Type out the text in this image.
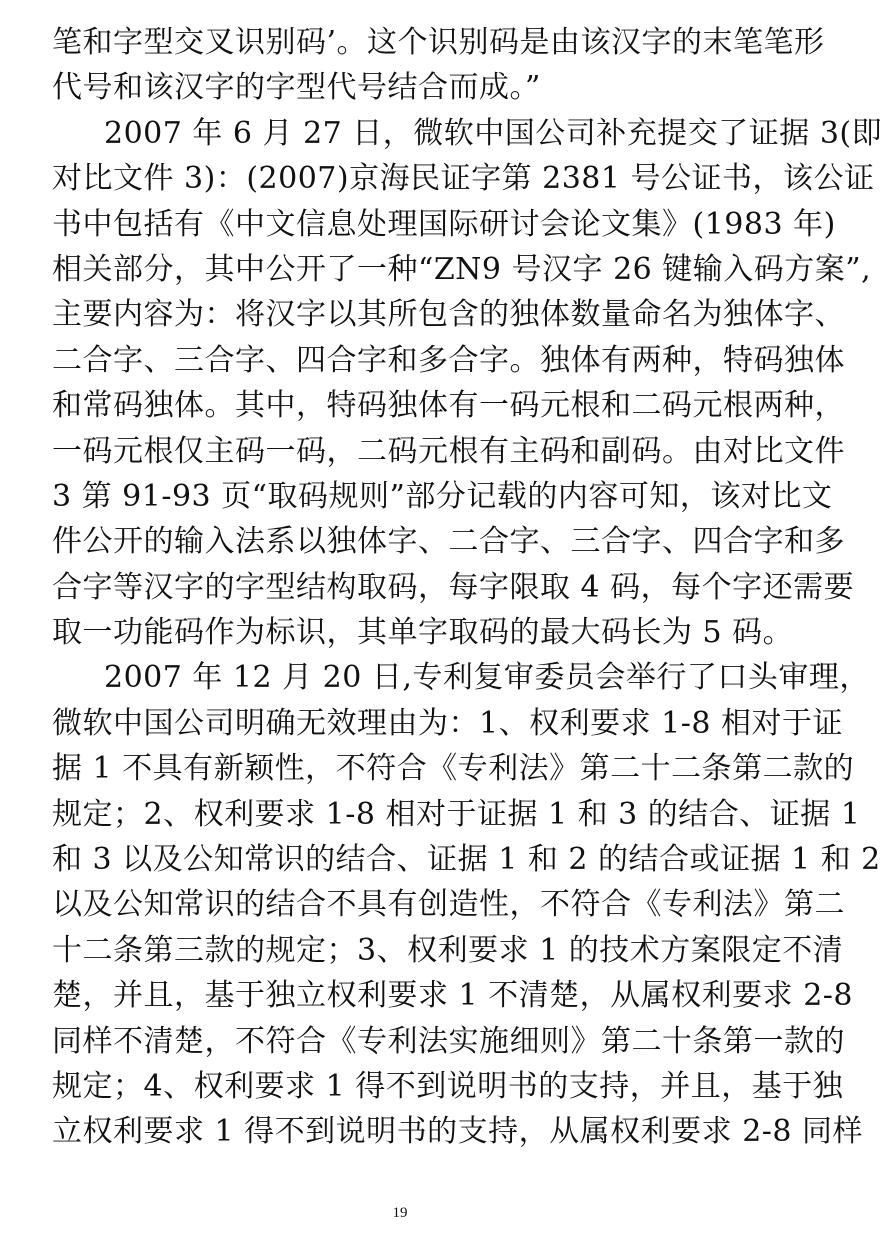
笔和字型交叉识别码’。这个识别码是由该汉字的末笔笔形
代号和该汉字的字型代号结合而成。”
2007 年 6 月 27 日，微软中国公司补充提交了证据 3(即
对比文件 3)：(2007)京海民证字第 2381 号公证书，该公证
书中包括有《中文信息处理国际研讨会论文集》(1983 年)
相关部分，其中公开了一种“ZN9 号汉字 26 键输入码方案”,
主要内容为：将汉字以其所包含的独体数量命名为独体字、
二合字、三合字、四合字和多合字。独体有两种，特码独体
和常码独体。其中，特码独体有一码元根和二码元根两种，
一码元根仅主码一码，二码元根有主码和副码。由对比文件
3 第 91-93 页“取码规则”部分记载的内容可知，该对比文
件公开的输入法系以独体字、二合字、三合字、四合字和多
合字等汉字的字型结构取码，每字限取 4 码，每个字还需要
取一功能码作为标识，其单字取码的最大码长为 5 码。
2007 年 12 月 20 日,专利复审委员会举行了口头审理，
微软中国公司明确无效理由为：1、权利要求 1-8 相对于证
据 1 不具有新颖性，不符合《专利法》第二十二条第二款的
规定；2、权利要求 1-8 相对于证据 1 和 3 的结合、证据 1
和 3 以及公知常识的结合、证据 1 和 2 的结合或证据 1 和 2
以及公知常识的结合不具有创造性，不符合《专利法》第二
十二条第三款的规定；3、权利要求 1 的技术方案限定不清
楚，并且，基于独立权利要求 1 不清楚，从属权利要求 2-8
同样不清楚，不符合《专利法实施细则》第二十条第一款的
规定；4、权利要求 1 得不到说明书的支持，并且，基于独
立权利要求 1 得不到说明书的支持，从属权利要求 2-8 同样
19
